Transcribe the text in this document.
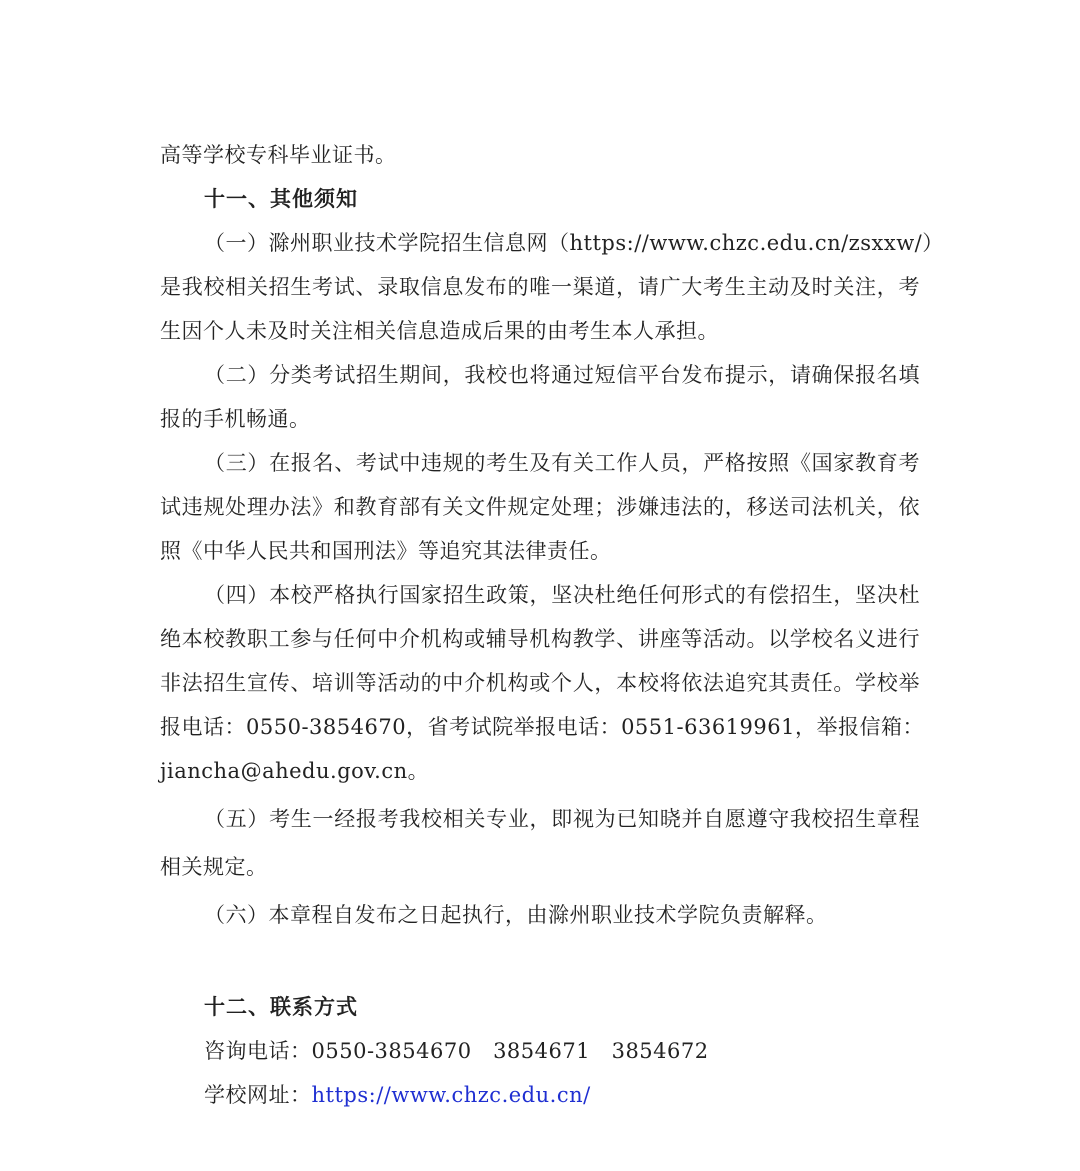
高等学校专科毕业证书。
十一、其他须知
（一）滁州职业技术学院招生信息网（https://www.chzc.edu.cn/zsxxw/）
是我校相关招生考试、录取信息发布的唯一渠道，请广大考生主动及时关注，考
生因个人未及时关注相关信息造成后果的由考生本人承担。
（二）分类考试招生期间，我校也将通过短信平台发布提示，请确保报名填
报的手机畅通。
（三）在报名、考试中违规的考生及有关工作人员，严格按照《国家教育考
试违规处理办法》和教育部有关文件规定处理；涉嫌违法的，移送司法机关，依
照《中华人民共和国刑法》等追究其法律责任。
（四）本校严格执行国家招生政策，坚决杜绝任何形式的有偿招生，坚决杜
绝本校教职工参与任何中介机构或辅导机构教学、讲座等活动。以学校名义进行
非法招生宣传、培训等活动的中介机构或个人，本校将依法追究其责任。学校举
报电话：0550-3854670，省考试院举报电话：0551-63619961，举报信箱：
jiancha@ahedu.gov.cn。
（五）考生一经报考我校相关专业，即视为已知晓并自愿遵守我校招生章程
相关规定。
（六）本章程自发布之日起执行，由滁州职业技术学院负责解释。
十二、联系方式
咨询电话：0550-3854670　3854671　3854672
学校网址：https://www.chzc.edu.cn/
